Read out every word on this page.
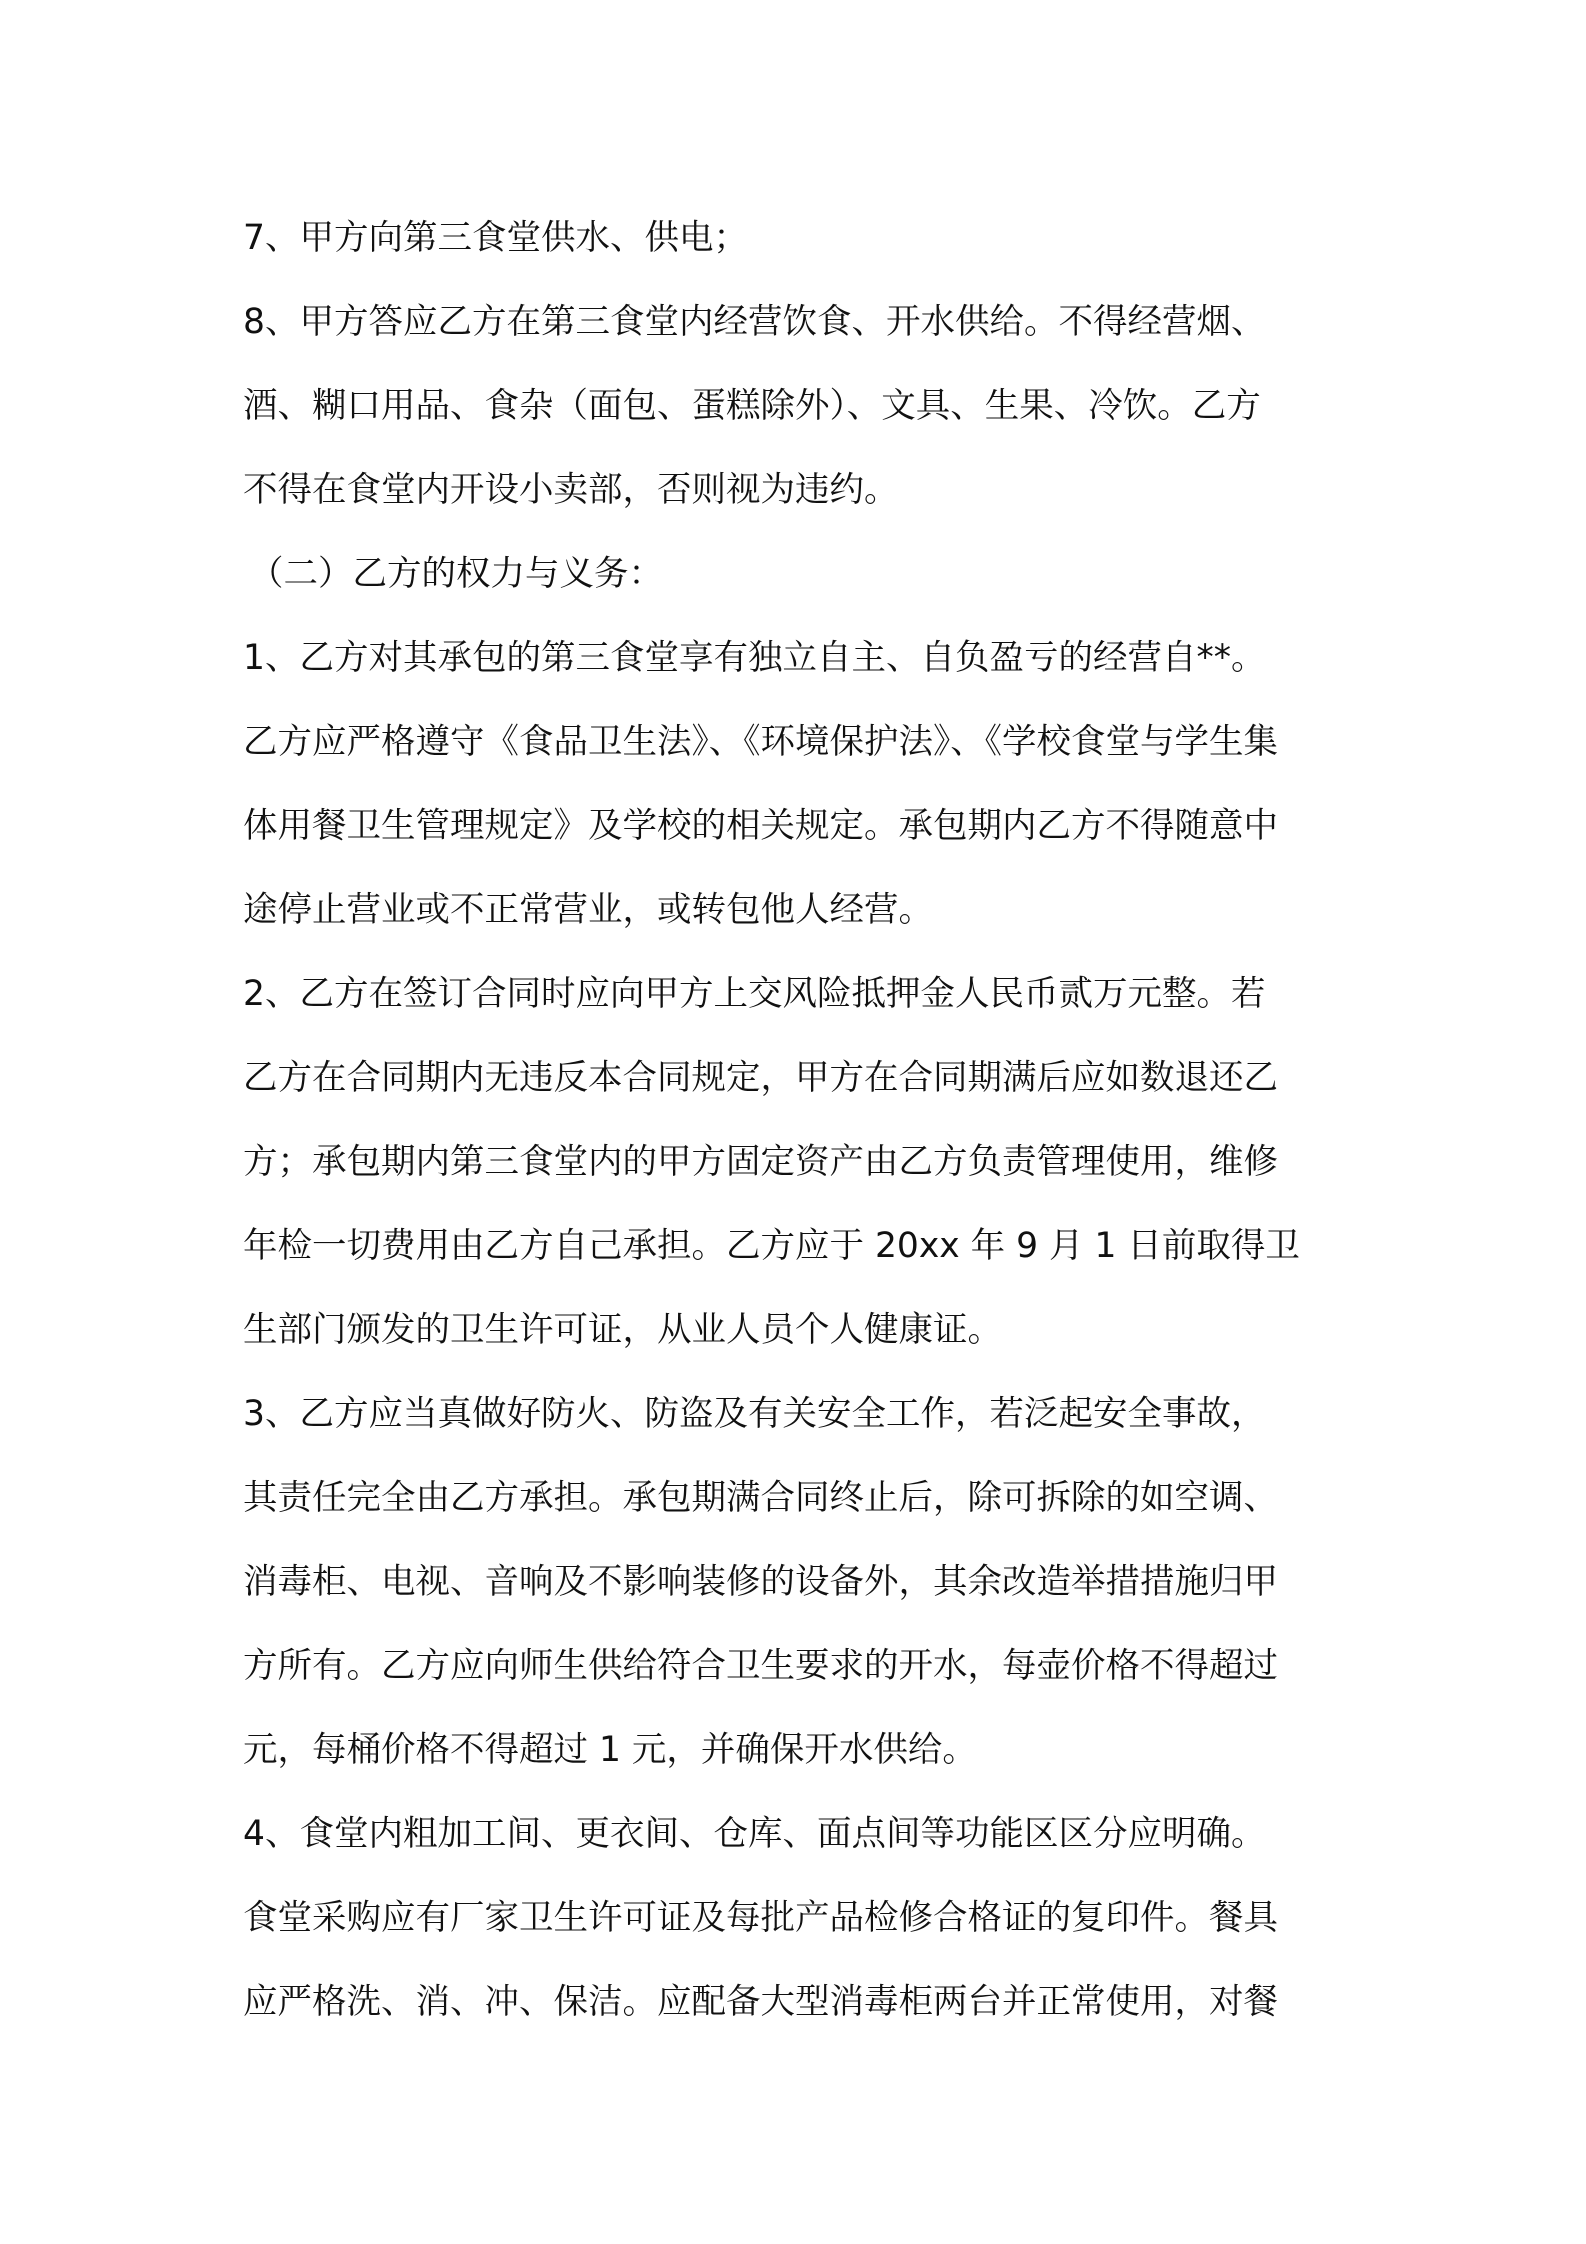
7、甲方向第三食堂供水、供电；
8、甲方答应乙方在第三食堂内经营饮食、开水供给。不得经营烟、
酒、糊口用品、食杂（面包、蛋糕除外）、文具、生果、冷饮。乙方
不得在食堂内开设小卖部，否则视为违约。
（二）乙方的权力与义务：
1、乙方对其承包的第三食堂享有独立自主、自负盈亏的经营自**。
乙方应严格遵守《食品卫生法》、《环境保护法》、《学校食堂与学生集
体用餐卫生管理规定》及学校的相关规定。承包期内乙方不得随意中
途停止营业或不正常营业，或转包他人经营。
2、乙方在签订合同时应向甲方上交风险抵押金人民币贰万元整。若
乙方在合同期内无违反本合同规定，甲方在合同期满后应如数退还乙
方；承包期内第三食堂内的甲方固定资产由乙方负责管理使用，维修
年检一切费用由乙方自己承担。乙方应于 20xx 年 9 月 1 日前取得卫
生部门颁发的卫生许可证，从业人员个人健康证。
3、乙方应当真做好防火、防盗及有关安全工作，若泛起安全事故，
其责任完全由乙方承担。承包期满合同终止后，除可拆除的如空调、
消毒柜、电视、音响及不影响装修的设备外，其余改造举措措施归甲
方所有。乙方应向师生供给符合卫生要求的开水，每壶价格不得超过
元，每桶价格不得超过 1 元，并确保开水供给。
4、食堂内粗加工间、更衣间、仓库、面点间等功能区区分应明确。
食堂采购应有厂家卫生许可证及每批产品检修合格证的复印件。餐具
应严格洗、消、冲、保洁。应配备大型消毒柜两台并正常使用，对餐
